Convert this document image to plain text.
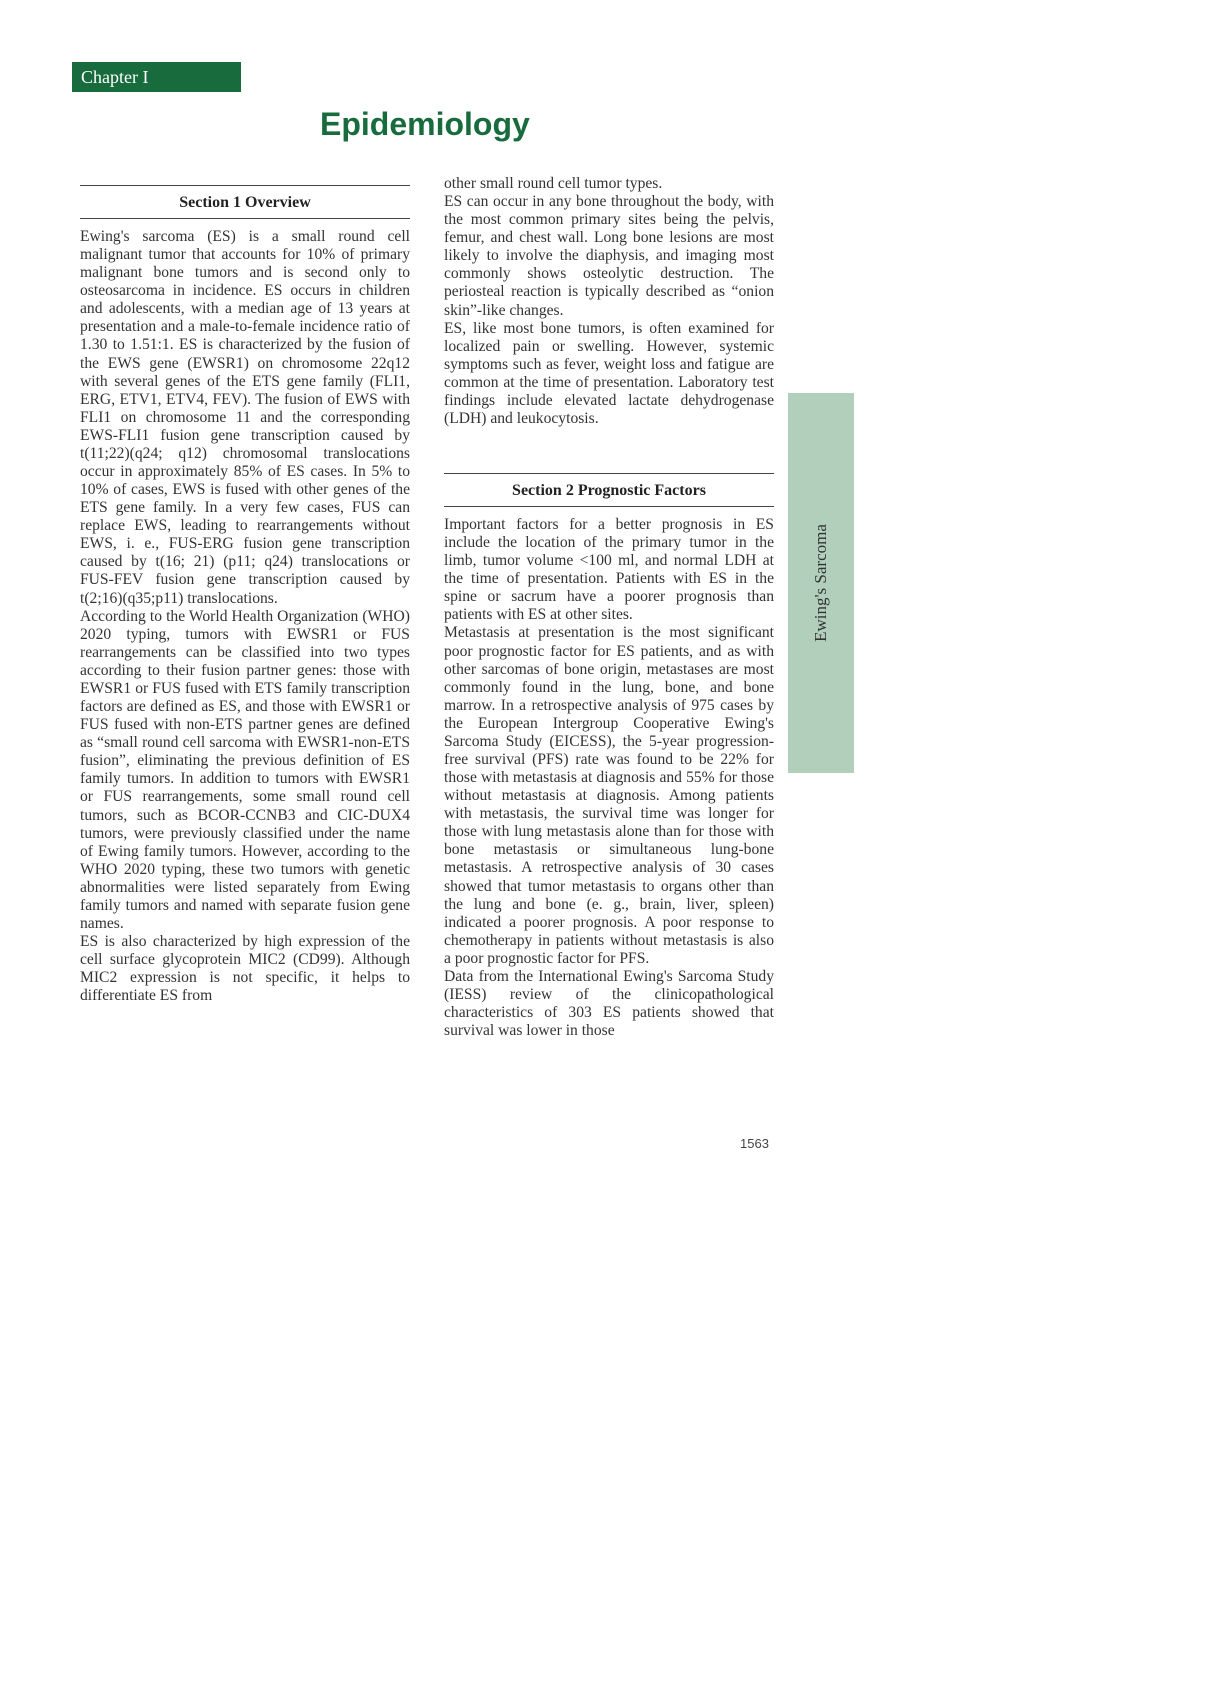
Chapter I
Epidemiology
Section 1 Overview

Ewing's sarcoma (ES) is a small round cell malignant tumor that accounts for 10% of primary malignant bone tumors and is second only to osteosarcoma in incidence. ES occurs in children and adolescents, with a median age of 13 years at presentation and a male-to-female incidence ratio of 1.30 to 1.51:1. ES is characterized by the fusion of the EWS gene (EWSR1) on chromosome 22q12 with several genes of the ETS gene family (FLI1, ERG, ETV1, ETV4, FEV). The fusion of EWS with FLI1 on chromosome 11 and the corresponding EWS-FLI1 fusion gene transcription caused by t(11;22)(q24; q12) chromosomal translocations occur in approximately 85% of ES cases. In 5% to 10% of cases, EWS is fused with other genes of the ETS gene family. In a very few cases, FUS can replace EWS, leading to rearrangements without EWS, i. e., FUS-ERG fusion gene transcription caused by t(16; 21) (p11; q24) translocations or FUS-FEV fusion gene transcription caused by t(2;16)(q35;p11) translocations.

According to the World Health Organization (WHO) 2020 typing, tumors with EWSR1 or FUS rearrangements can be classified into two types according to their fusion partner genes: those with EWSR1 or FUS fused with ETS family transcription factors are defined as ES, and those with EWSR1 or FUS fused with non-ETS partner genes are defined as “small round cell sarcoma with EWSR1-non-ETS fusion”, eliminating the previous definition of ES family tumors. In addition to tumors with EWSR1 or FUS rearrangements, some small round cell tumors, such as BCOR-CCNB3 and CIC-DUX4 tumors, were previously classified under the name of Ewing family tumors. However, according to the WHO 2020 typing, these two tumors with genetic abnormalities were listed separately from Ewing family tumors and named with separate fusion gene names.

ES is also characterized by high expression of the cell surface glycoprotein MIC2 (CD99). Although MIC2 expression is not specific, it helps to differentiate ES from

other small round cell tumor types.

ES can occur in any bone throughout the body, with the most common primary sites being the pelvis, femur, and chest wall. Long bone lesions are most likely to involve the diaphysis, and imaging most commonly shows osteolytic destruction. The periosteal reaction is typically described as “onion skin”-like changes.

ES, like most bone tumors, is often examined for localized pain or swelling. However, systemic symptoms such as fever, weight loss and fatigue are common at the time of presentation. Laboratory test findings include elevated lactate dehydrogenase (LDH) and leukocytosis.

Section 2 Prognostic Factors

Important factors for a better prognosis in ES include the location of the primary tumor in the limb, tumor volume <100 ml, and normal LDH at the time of presentation. Patients with ES in the spine or sacrum have a poorer prognosis than patients with ES at other sites.

Metastasis at presentation is the most significant poor prognostic factor for ES patients, and as with other sarcomas of bone origin, metastases are most commonly found in the lung, bone, and bone marrow. In a retrospective analysis of 975 cases by the European Intergroup Cooperative Ewing's Sarcoma Study (EICESS), the 5-year progression-free survival (PFS) rate was found to be 22% for those with metastasis at diagnosis and 55% for those without metastasis at diagnosis. Among patients with metastasis, the survival time was longer for those with lung metastasis alone than for those with bone metastasis or simultaneous lung-bone metastasis. A retrospective analysis of 30 cases showed that tumor metastasis to organs other than the lung and bone (e. g., brain, liver, spleen) indicated a poorer prognosis. A poor response to chemotherapy in patients without metastasis is also a poor prognostic factor for PFS.

Data from the International Ewing's Sarcoma Study (IESS) review of the clinicopathological characteristics of 303 ES patients showed that survival was lower in those

Ewing's Sarcoma
1563
